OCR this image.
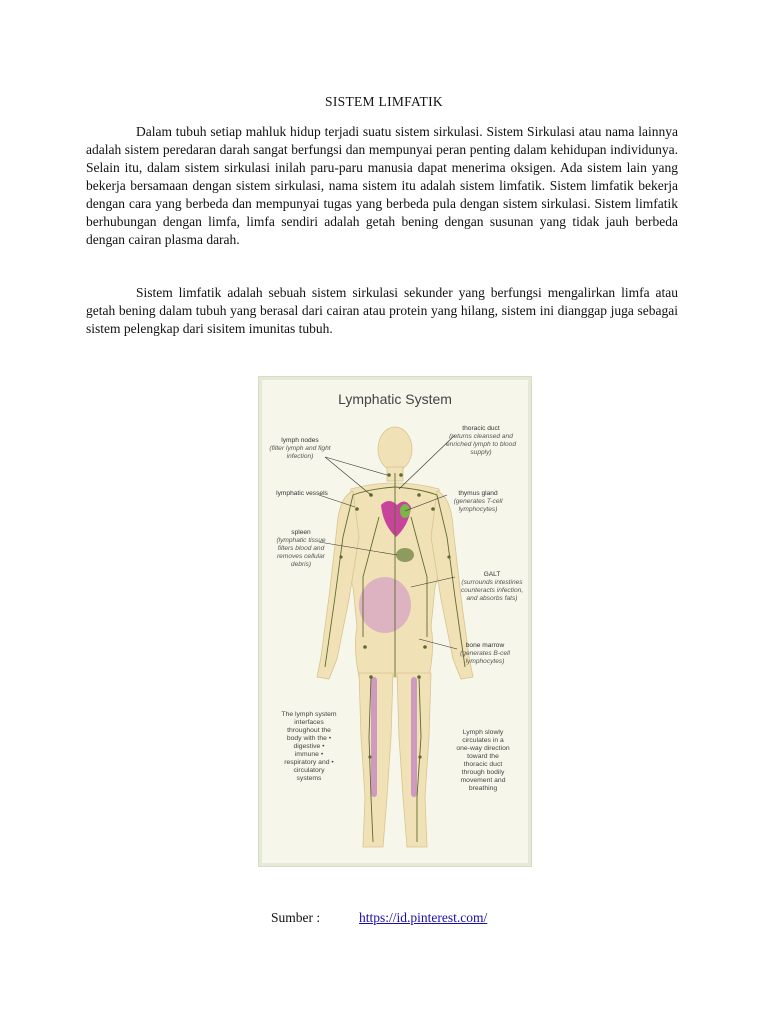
SISTEM LIMFATIK

Dalam tubuh setiap mahluk hidup terjadi suatu sistem sirkulasi. Sistem Sirkulasi atau nama lainnya adalah sistem peredaran darah sangat berfungsi dan mempunyai peran penting dalam kehidupan individunya. Selain itu, dalam sistem sirkulasi inilah paru-paru manusia dapat menerima oksigen. Ada sistem lain yang bekerja bersamaan dengan sistem sirkulasi, nama sistem itu adalah sistem limfatik. Sistem limfatik bekerja dengan cara yang berbeda dan mempunyai tugas yang berbeda pula dengan sistem sirkulasi. Sistem limfatik berhubungan dengan limfa, limfa sendiri adalah getah bening dengan susunan yang tidak jauh berbeda dengan cairan plasma darah.

Sistem limfatik adalah sebuah sistem sirkulasi sekunder yang berfungsi mengalirkan limfa atau getah bening dalam tubuh yang berasal dari cairan atau protein yang hilang, sistem ini dianggap juga sebagai sistem pelengkap dari sisitem imunitas tubuh.

Lymphatic System
lymph nodes
(filter lymph and fight infection)
thoracic duct
(returns cleansed and enriched lymph to blood supply)
lymphatic vessels	thymus gland
(generates T-cell lymphocytes)
spleen
(lymphatic tissue filters blood and removes cellular debris)
GALT
(surrounds intestines counteracts infection, and absorbs fats)
bone marrow
(generates B-cell lymphocytes)
The lymph system interfaces throughout the body with the • digestive • immune • respiratory and • circulatory systems
Lymph slowly circulates in a one-way direction toward the thoracic duct through bodily movement and breathing
Sumber :	https://id.pinterest.com/
